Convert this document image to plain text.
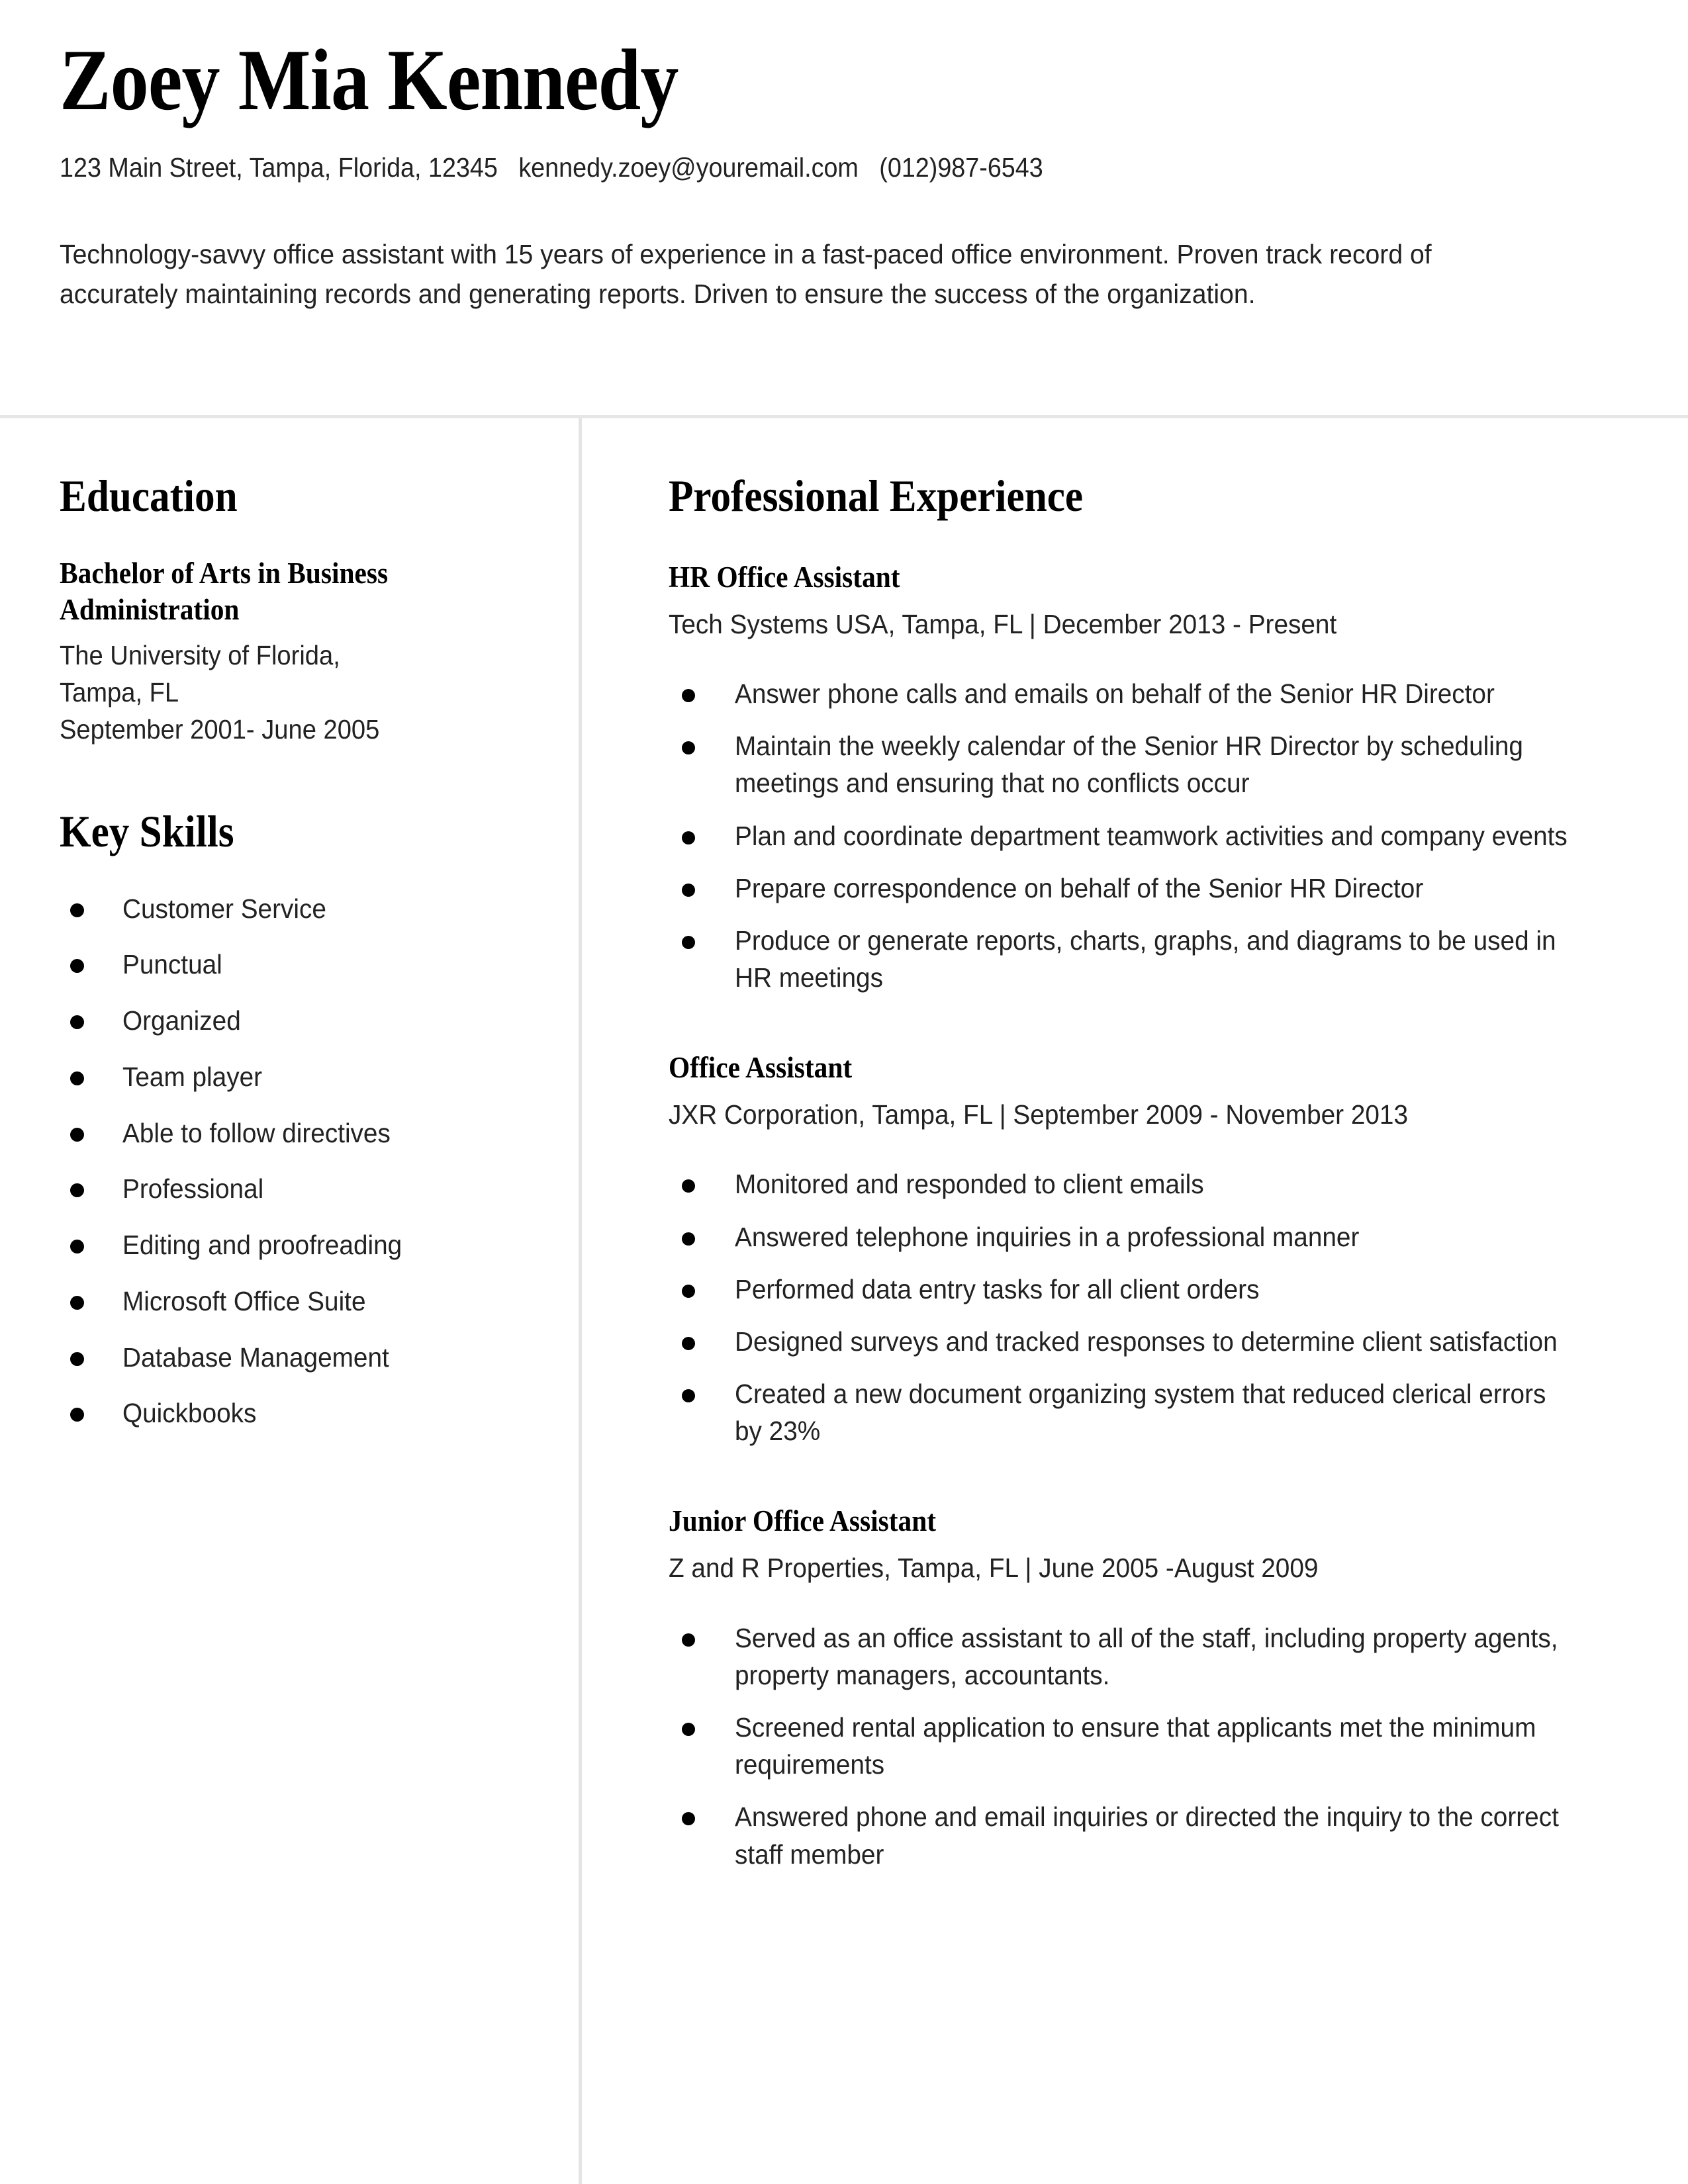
Zoey Mia Kennedy
123 Main Street, Tampa, Florida, 12345   kennedy.zoey@youremail.com   (012)987-6543
Technology-savvy office assistant with 15 years of experience in a fast-paced office environment. Proven track record of accurately maintaining records and generating reports. Driven to ensure the success of the organization.
Education
Bachelor of Arts in Business Administration
The University of Florida,
Tampa, FL
September 2001- June 2005
Key Skills
Customer Service
Punctual
Organized
Team player
Able to follow directives
Professional
Editing and proofreading
Microsoft Office Suite
Database Management
Quickbooks
Professional Experience
HR Office Assistant
Tech Systems USA, Tampa, FL | December 2013 - Present
Answer phone calls and emails on behalf of the Senior HR Director
Maintain the weekly calendar of the Senior HR Director by scheduling meetings and ensuring that no conflicts occur
Plan and coordinate department teamwork activities and company events
Prepare correspondence on behalf of the Senior HR Director
Produce or generate reports, charts, graphs, and diagrams to be used in HR meetings
Office Assistant
JXR Corporation, Tampa, FL | September 2009 - November 2013
Monitored and responded to client emails
Answered telephone inquiries in a professional manner
Performed data entry tasks for all client orders
Designed surveys and tracked responses to determine client satisfaction
Created a new document organizing system that reduced clerical errors by 23%
Junior Office Assistant
Z and R Properties, Tampa, FL | June 2005 -August 2009
Served as an office assistant to all of the staff, including property agents, property managers, accountants.
Screened rental application to ensure that applicants met the minimum requirements
Answered phone and email inquiries or directed the inquiry to the correct staff member
